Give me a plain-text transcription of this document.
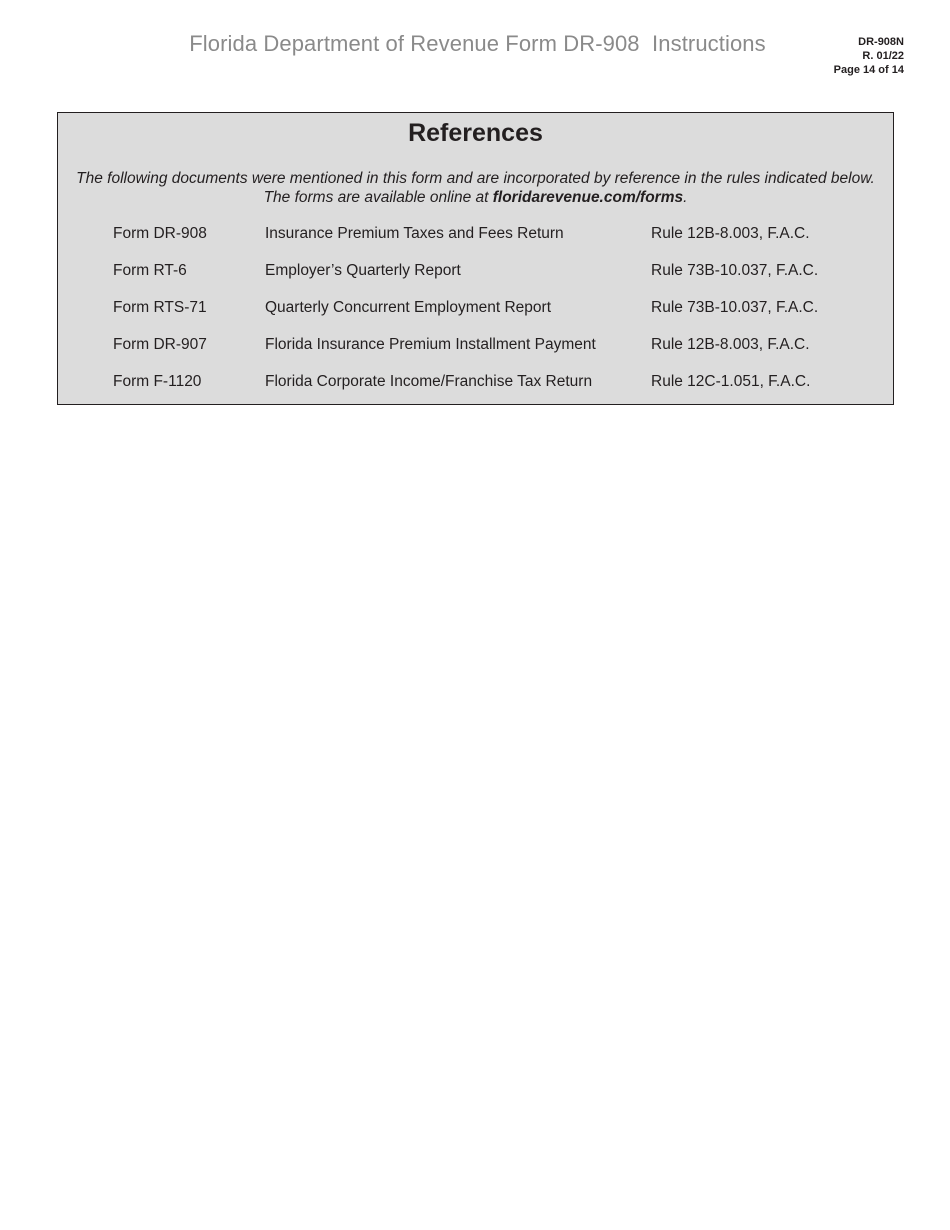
Florida Department of Revenue Form DR-908  Instructions	DR-908N
R. 01/22
Page 14 of 14
References
The following documents were mentioned in this form and are incorporated by reference in the rules indicated below.
The forms are available online at floridarevenue.com/forms.
Form DR-908	Insurance Premium Taxes and Fees Return	Rule 12B-8.003, F.A.C.
Form RT-6	Employer’s Quarterly Report	Rule 73B-10.037, F.A.C.
Form RTS-71	Quarterly Concurrent Employment Report	Rule 73B-10.037, F.A.C.
Form DR-907	Florida Insurance Premium Installment Payment	Rule 12B-8.003, F.A.C.
Form F-1120	Florida Corporate Income/Franchise Tax Return	Rule 12C-1.051, F.A.C.
